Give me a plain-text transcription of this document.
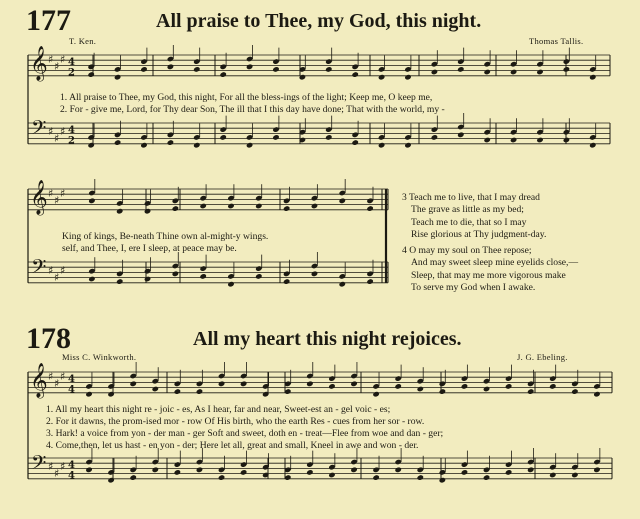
177	All praise to Thee, my God, this night.
T. Ken.	Thomas Tallis.
𝄞
𝄢
♯
♯
♯
♯
♯
♯
4
2
4
2
𝄞
𝄢
♯
♯
♯
♯
♯
♯
𝄞
𝄢
♯
♯
♯
♯
♯
♯
4
4
4
4
1. All praise to Thee, my God, this night, For all the bless-ings of the light; Keep me, O keep me,
2. For - give me, Lord, for Thy dear Son, The ill that I this day have done; That with the world, my -
King of kings, Be-neath Thine own al-might-y wings.
self, and Thee, I, ere I sleep, at peace may be.
3 Teach me to live, that I may dread
The grave as little as my bed;
Teach me to die, that so I may
Rise glorious at Thy judgment-day.
4 O may my soul on Thee repose;
And may sweet sleep mine eyelids close,—
Sleep, that may me more vigorous make
To serve my God when I awake.
178	All my heart this night rejoices.
Miss C. Winkworth.	J. G. Ebeling.
1. All my heart this night re - joic - es, As I hear, far and near, Sweet-est an - gel voic - es;
2. For it dawns, the prom-ised mor - row Of His birth, who the earth Res - cues from her sor - row.
3. Hark! a voice from yon - der man - ger Soft and sweet, doth en - treat—Flee from woe and dan - ger;
4. Come,then, let us hast - en yon - der; Here let all, great and small, Kneel in awe and won - der.
